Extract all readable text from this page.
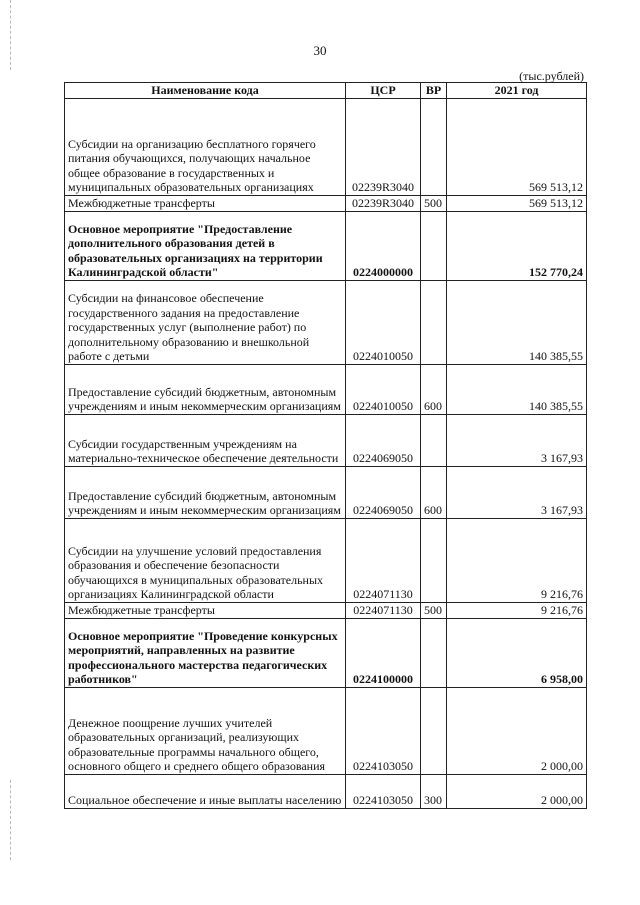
30
(тыс.рублей)
Наименование кода	ЦСР	ВР	2021 год
Субсидии на организацию бесплатного горячего питания обучающихся, получающих начальное общее образование в государственных и муниципальных образовательных организациях	02239R3040		569 513,12
Межбюджетные трансферты	02239R3040	500	569 513,12
Основное мероприятие "Предоставление дополнительного образования детей в образовательных организациях на территории Калининградской области"	0224000000		152 770,24
Субсидии на финансовое обеспечение государственного задания на предоставление государственных услуг (выполнение работ) по дополнительному образованию и внешкольной работе с детьми	0224010050		140 385,55
Предоставление субсидий бюджетным, автономным учреждениям и иным некоммерческим организациям	0224010050	600	140 385,55
Субсидии государственным учреждениям на материально-техническое обеспечение деятельности	0224069050		3 167,93
Предоставление субсидий бюджетным, автономным учреждениям и иным некоммерческим организациям	0224069050	600	3 167,93
Субсидии на улучшение условий предоставления образования и обеспечение безопасности обучающихся в муниципальных образовательных организациях Калининградской области	0224071130		9 216,76
Межбюджетные трансферты	0224071130	500	9 216,76
Основное мероприятие "Проведение конкурсных мероприятий, направленных на развитие профессионального мастерства педагогических работников"	0224100000		6 958,00
Денежное поощрение лучших учителей образовательных организаций, реализующих образовательные программы начального общего, основного общего и среднего общего образования	0224103050		2 000,00
Социальное обеспечение и иные выплаты населению	0224103050	300	2 000,00
